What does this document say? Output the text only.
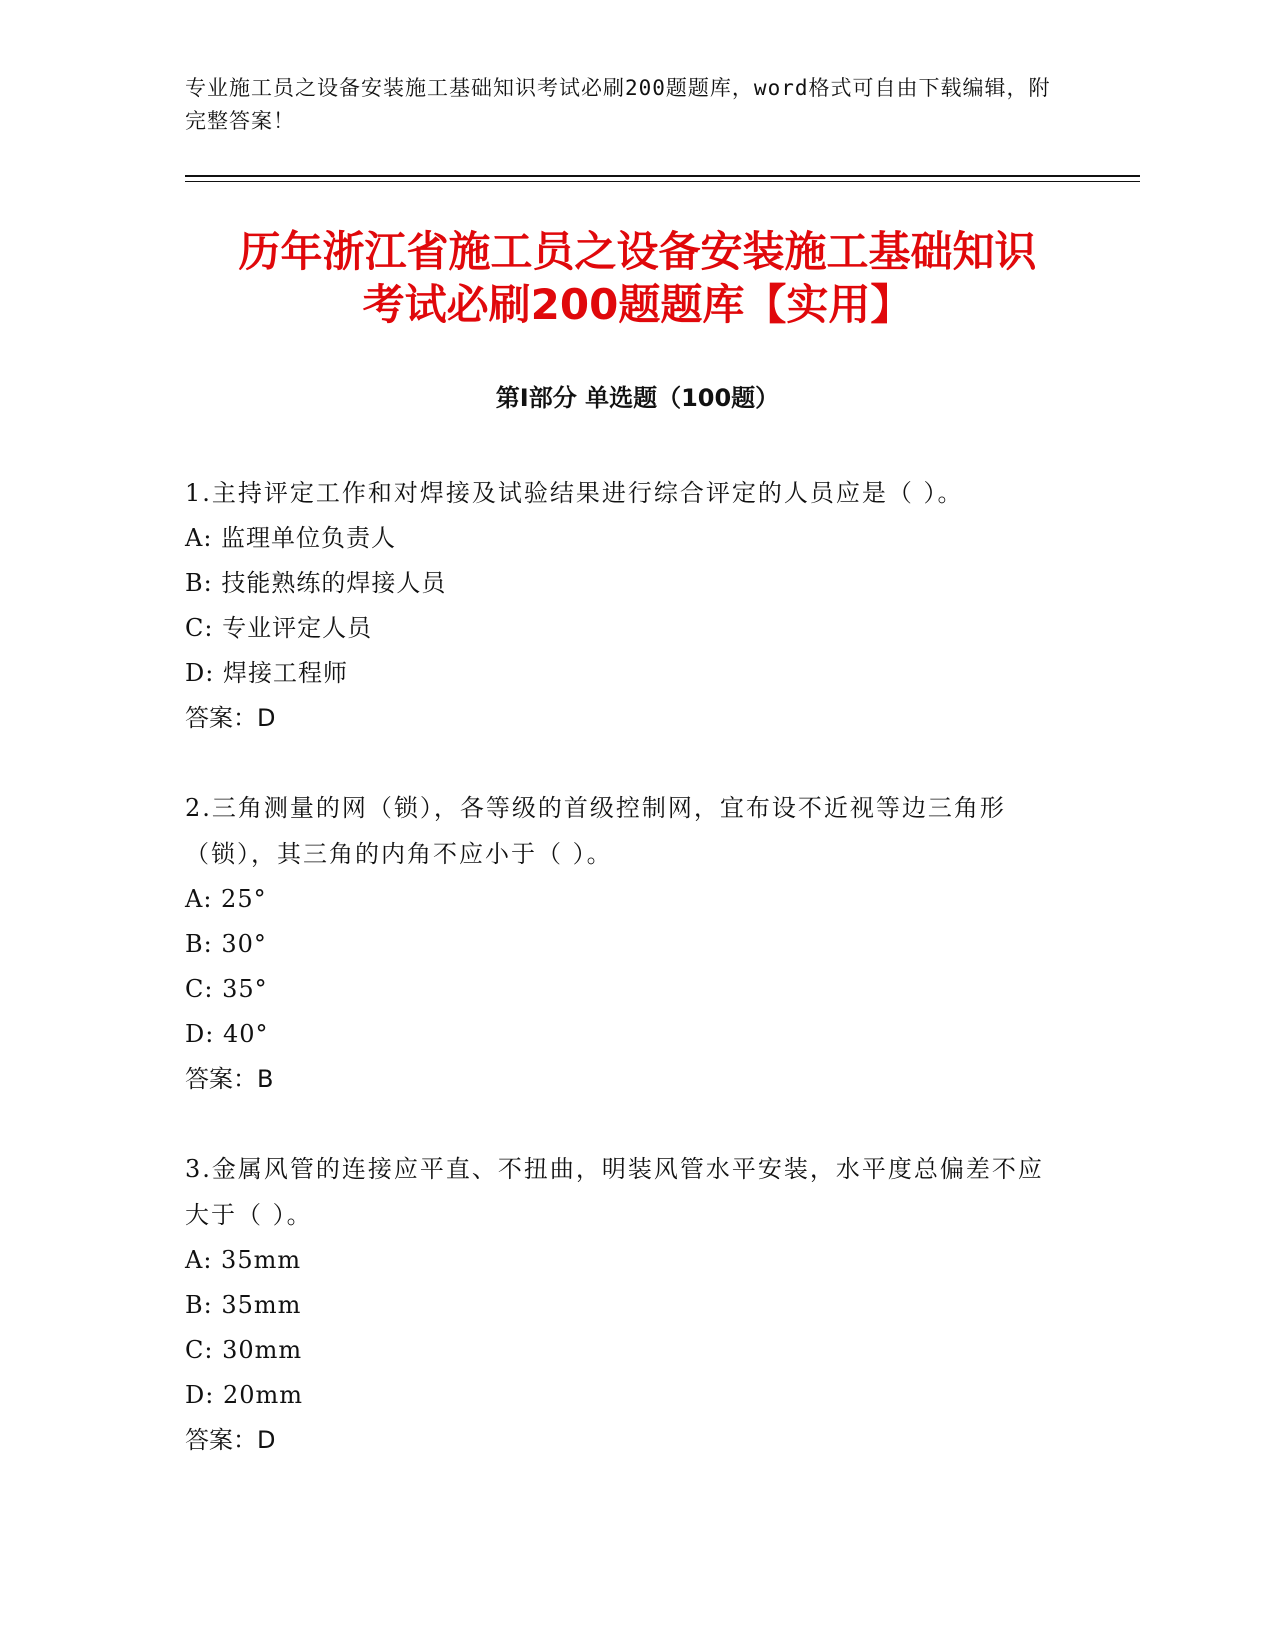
专业施工员之设备安装施工基础知识考试必刷200题题库，word格式可自由下载编辑，附完整答案！
历年浙江省施工员之设备安装施工基础知识
考试必刷200题题库【实用】
第I部分 单选题（100题）
1.主持评定工作和对焊接及试验结果进行综合评定的人员应是（ ）。
A: 监理单位负责人
B: 技能熟练的焊接人员
C: 专业评定人员
D: 焊接工程师
答案：D
2.三角测量的网（锁），各等级的首级控制网，宜布设不近视等边三角形（锁），其三角的内角不应小于（ ）。
A: 25°
B: 30°
C: 35°
D: 40°
答案：B
3.金属风管的连接应平直、不扭曲，明装风管水平安装，水平度总偏差不应大于（ ）。
A: 35mm
B: 35mm
C: 30mm
D: 20mm
答案：D
